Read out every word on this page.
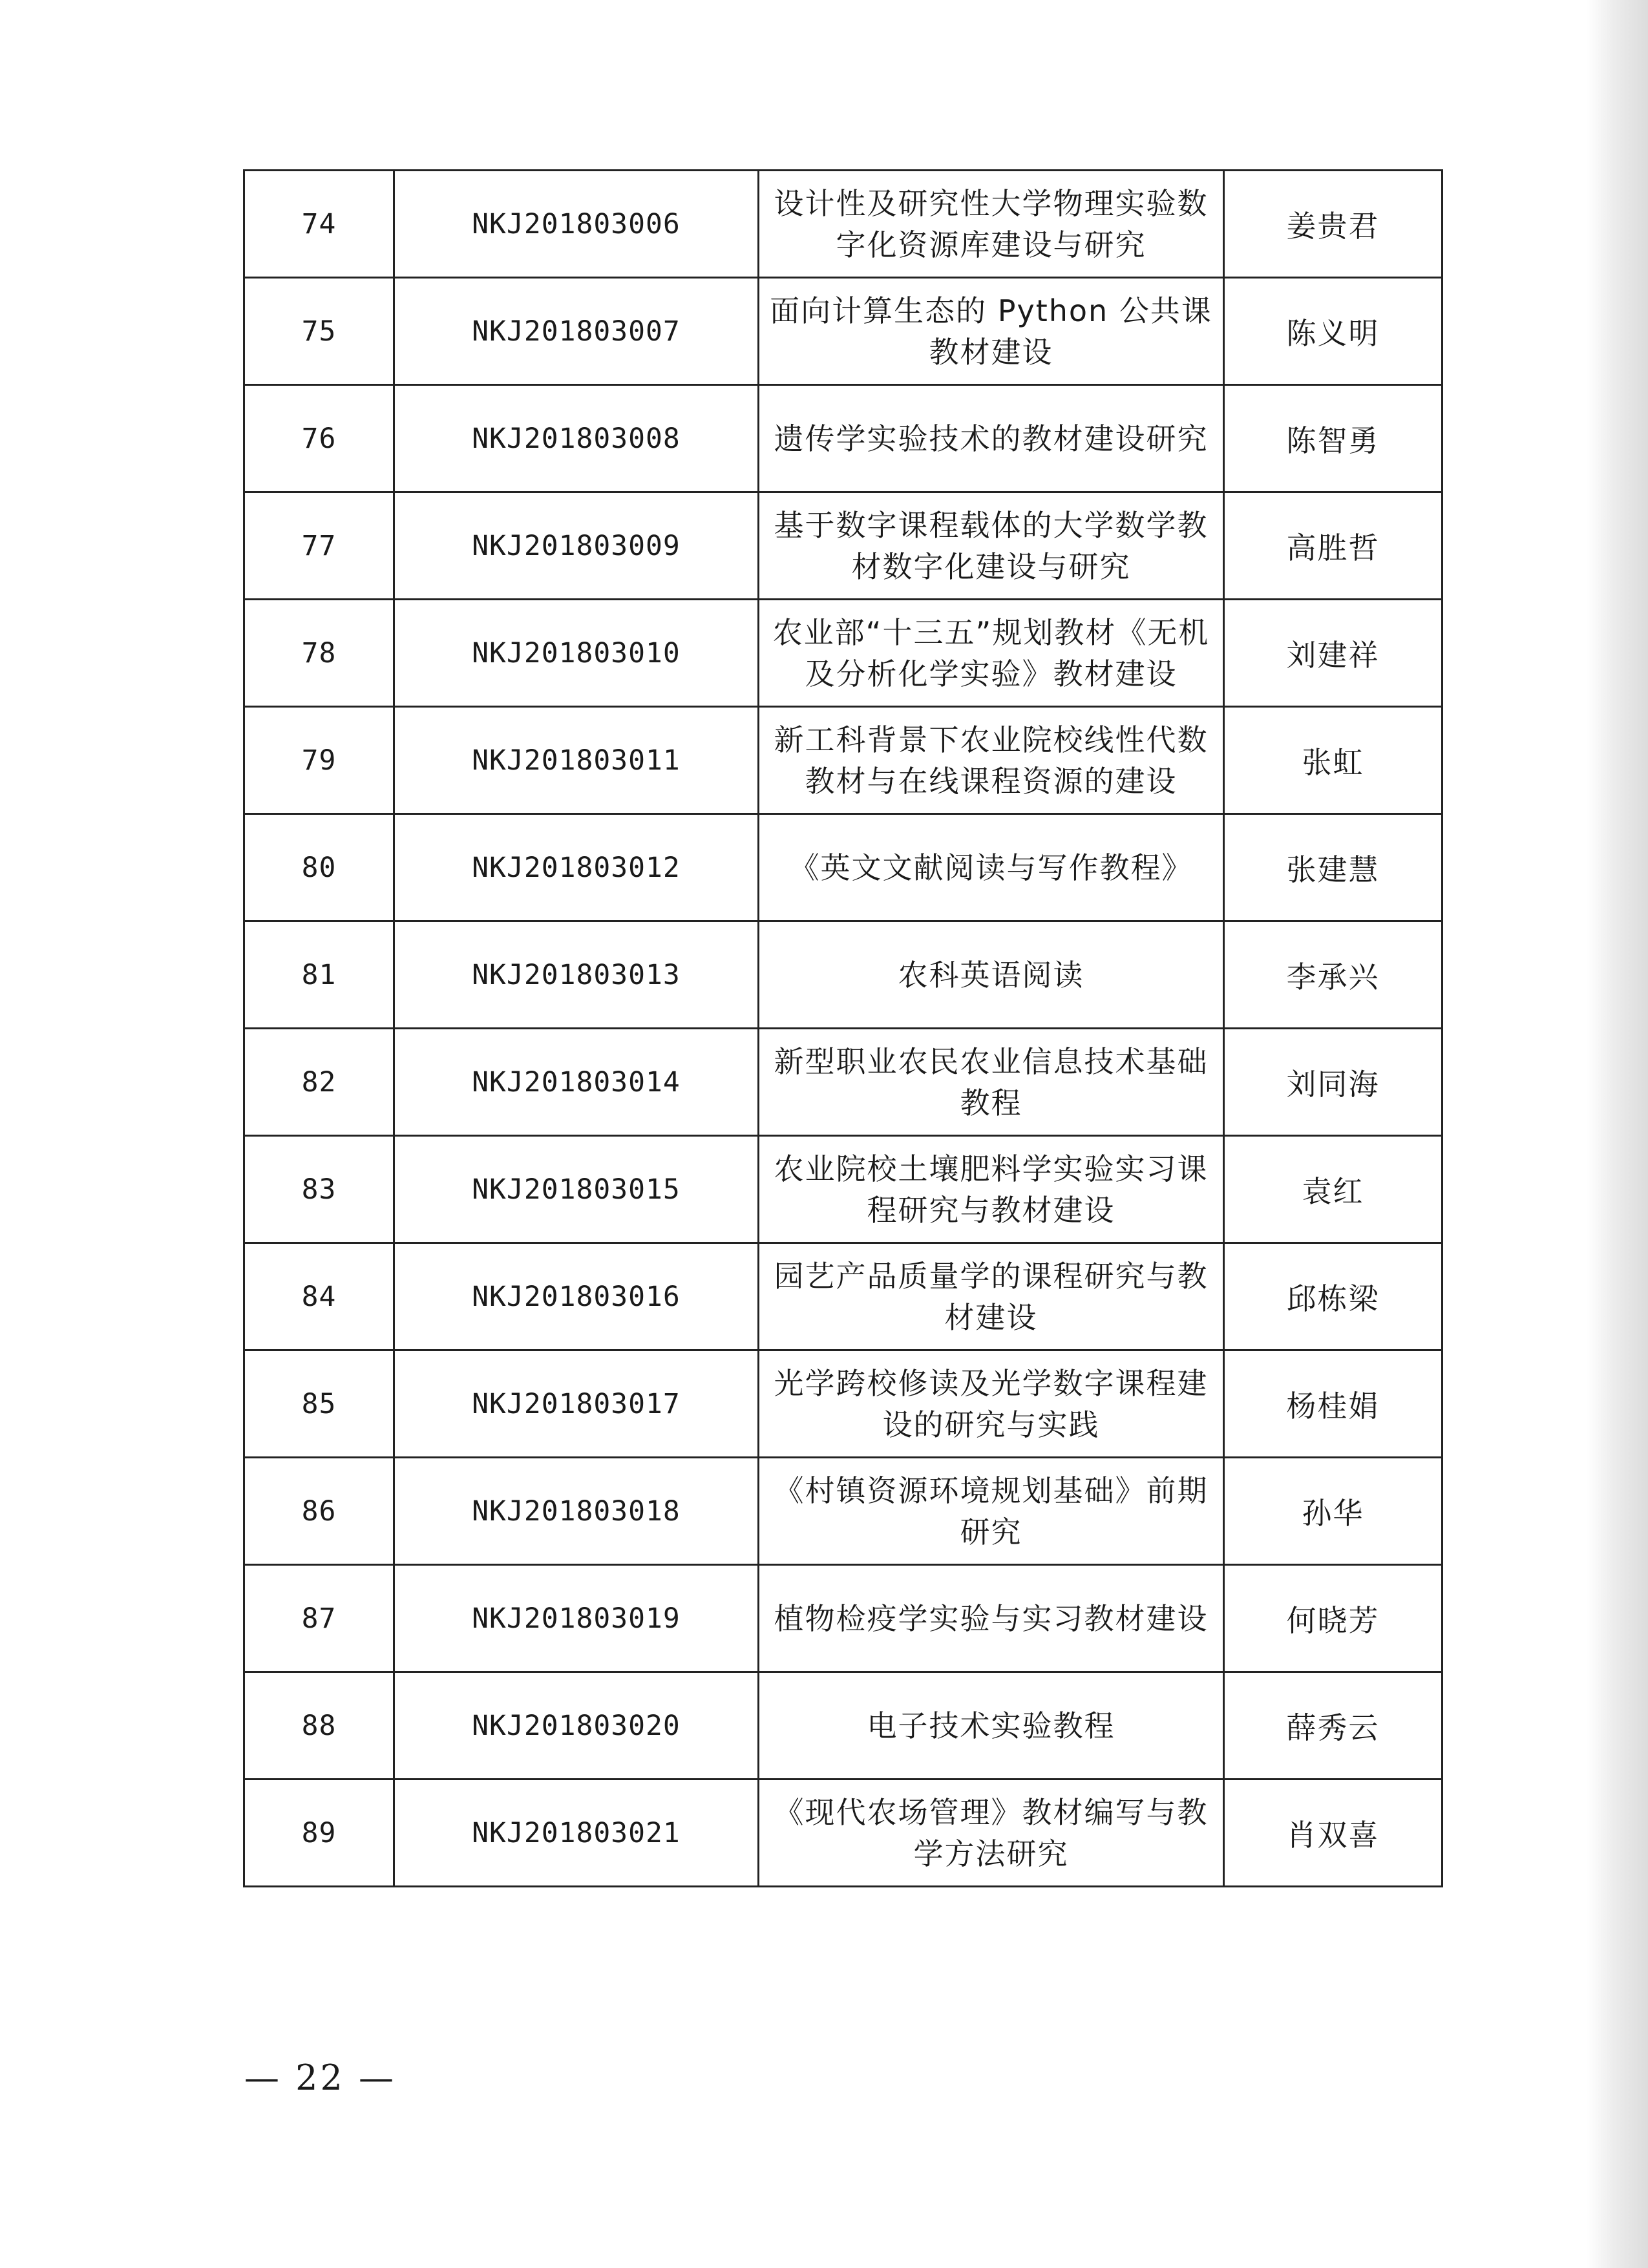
74	NKJ201803006	设计性及研究性大学物理实验数字化资源库建设与研究	姜贵君
75	NKJ201803007	面向计算生态的 Python 公共课教材建设	陈义明
76	NKJ201803008	遗传学实验技术的教材建设研究	陈智勇
77	NKJ201803009	基于数字课程载体的大学数学教材数字化建设与研究	高胜哲
78	NKJ201803010	农业部“十三五”规划教材《无机及分析化学实验》教材建设	刘建祥
79	NKJ201803011	新工科背景下农业院校线性代数教材与在线课程资源的建设	张虹
80	NKJ201803012	《英文文献阅读与写作教程》	张建慧
81	NKJ201803013	农科英语阅读	李承兴
82	NKJ201803014	新型职业农民农业信息技术基础教程	刘同海
83	NKJ201803015	农业院校土壤肥料学实验实习课程研究与教材建设	袁红
84	NKJ201803016	园艺产品质量学的课程研究与教材建设	邱栋梁
85	NKJ201803017	光学跨校修读及光学数字课程建设的研究与实践	杨桂娟
86	NKJ201803018	《村镇资源环境规划基础》前期研究	孙华
87	NKJ201803019	植物检疫学实验与实习教材建设	何晓芳
88	NKJ201803020	电子技术实验教程	薛秀云
89	NKJ201803021	《现代农场管理》教材编写与教学方法研究	肖双喜
— 22 —
